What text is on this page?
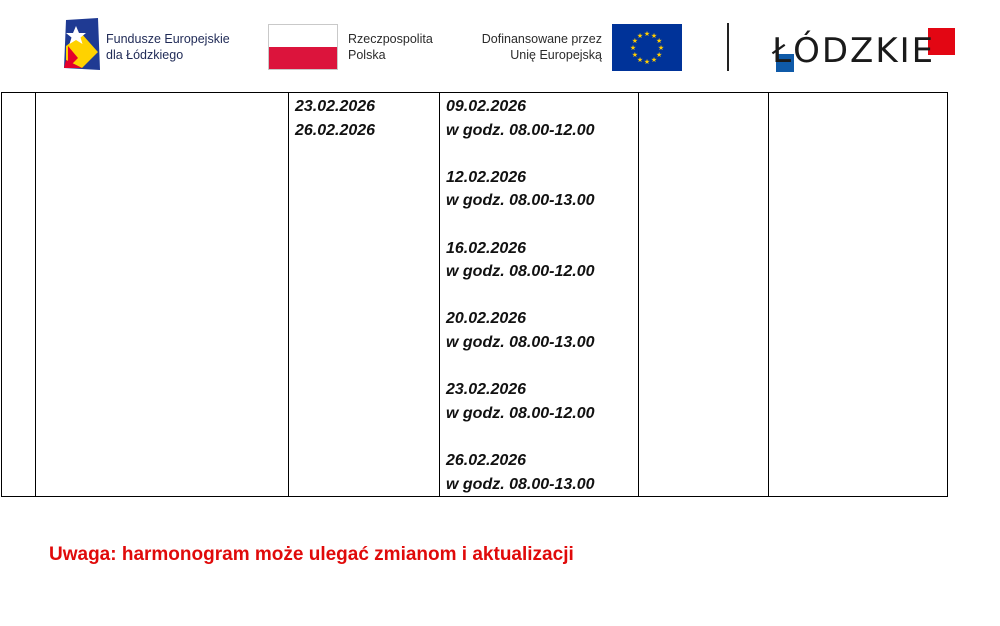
Fundusze Europejskie
dla Łódzkiego
Rzeczpospolita
Polska
Dofinansowane przez
Unię Europejską
★ ★
★
★
★
★
★
★
★
★
★
★	ŁÓDZKIE

23.02.2026
26.02.2026

09.02.2026
w godz. 08.00-12.00
12.02.2026
w godz. 08.00-13.00
16.02.2026
w godz. 08.00-12.00
20.02.2026
w godz. 08.00-13.00
23.02.2026
w godz. 08.00-12.00
26.02.2026
w godz. 08.00-13.00

Uwaga: harmonogram może ulegać zmianom i aktualizacji
